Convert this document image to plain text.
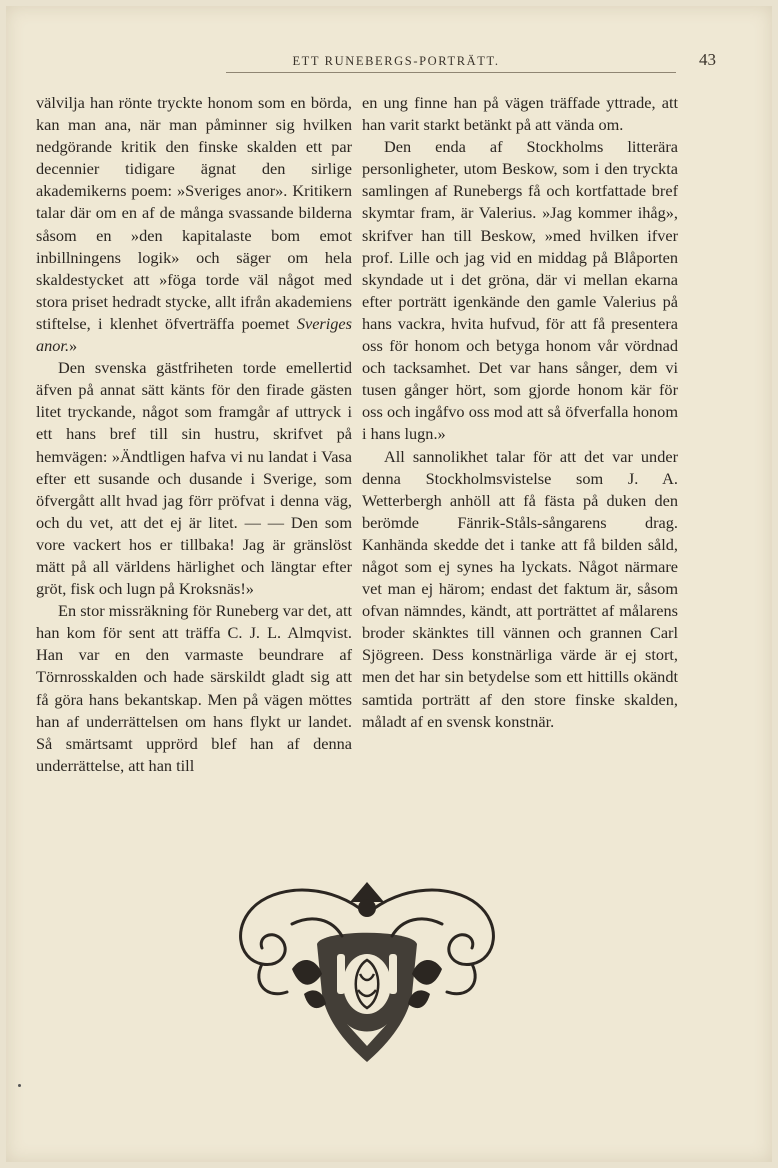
ETT RUNEBERGS-PORTRÄTT.	43

välvilja han rönte tryckte honom som en börda, kan man ana, när man påminner sig hvilken nedgörande kritik den finske skalden ett par decennier tidigare ägnat den sirlige akademikerns poem: »Sveriges anor». Kritikern talar där om en af de många svassande bilderna såsom en »den kapitalaste bom emot inbillningens logik» och säger om hela skaldestycket att »föga torde väl något med stora priset hedradt stycke, allt ifrån akademiens stiftelse, i klenhet öfverträffa poemet Sveriges anor.»

Den svenska gästfriheten torde emellertid äfven på annat sätt känts för den firade gästen litet tryckande, något som framgår af uttryck i ett hans bref till sin hustru, skrifvet på hemvägen: »Ändtligen hafva vi nu landat i Vasa efter ett susande och dusande i Sverige, som öfvergått allt hvad jag förr pröfvat i denna väg, och du vet, att det ej är litet. — — Den som vore vackert hos er tillbaka! Jag är gränslöst mätt på all världens härlighet och längtar efter gröt, fisk och lugn på Kroksnäs!»

En stor missräkning för Runeberg var det, att han kom för sent att träffa C. J. L. Almqvist. Han var en den varmaste beundrare af Törnrosskalden och hade särskildt gladt sig att få göra hans bekantskap. Men på vägen möttes han af underrättelsen om hans flykt ur landet. Så smärtsamt upprörd blef han af denna underrättelse, att han till

en ung finne han på vägen träffade yttrade, att han varit starkt betänkt på att vända om.

Den enda af Stockholms litterära personligheter, utom Beskow, som i den tryckta samlingen af Runebergs få och kortfattade bref skymtar fram, är Valerius. »Jag kommer ihåg», skrifver han till Beskow, »med hvilken ifver prof. Lille och jag vid en middag på Blåporten skyndade ut i det gröna, där vi mellan ekarna efter porträtt igenkände den gamle Valerius på hans vackra, hvita hufvud, för att få presentera oss för honom och betyga honom vår vördnad och tacksamhet. Det var hans sånger, dem vi tusen gånger hört, som gjorde honom kär för oss och ingåfvo oss mod att så öfverfalla honom i hans lugn.»

All sannolikhet talar för att det var under denna Stockholmsvistelse som J. A. Wetterbergh anhöll att få fästa på duken den berömde Fänrik-Ståls-sångarens drag. Kanhända skedde det i tanke att få bilden såld, något som ej synes ha lyckats. Något närmare vet man ej härom; endast det faktum är, såsom ofvan nämndes, kändt, att porträttet af målarens broder skänktes till vännen och grannen Carl Sjögreen. Dess konstnärliga värde är ej stort, men det har sin betydelse som ett hittills okändt samtida porträtt af den store finske skalden, måladt af en svensk konstnär.
